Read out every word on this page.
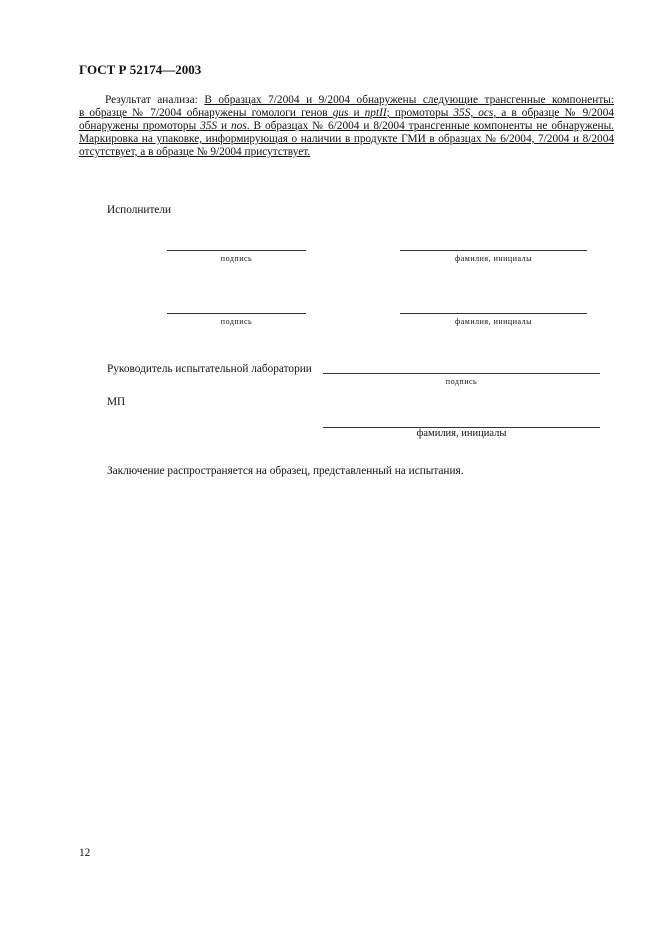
ГОСТ Р 52174—2003
Результат анализа: В образцах 7/2004 и 9/2004 обнаружены следующие трансгенные компоненты:
в образце № 7/2004 обнаружены гомологи генов gus и nptII; промоторы 35S, ocs, а в образце № 9/2004
обнаружены промоторы 35S и nos. В образцах № 6/2004 и 8/2004 трансгенные компоненты не обнаружены.
Маркировка на упаковке, информирующая о наличии в продукте ГМИ в образцах № 6/2004, 7/2004 и 8/2004
отсутствует, а в образце № 9/2004 присутствует.
Исполнители
подпись	фамилия, инициалы
подпись	фамилия, инициалы
Руководитель испытательной лаборатории
подпись
МП
фамилия, инициалы
Заключение распространяется на образец, представленный на испытания.
12
